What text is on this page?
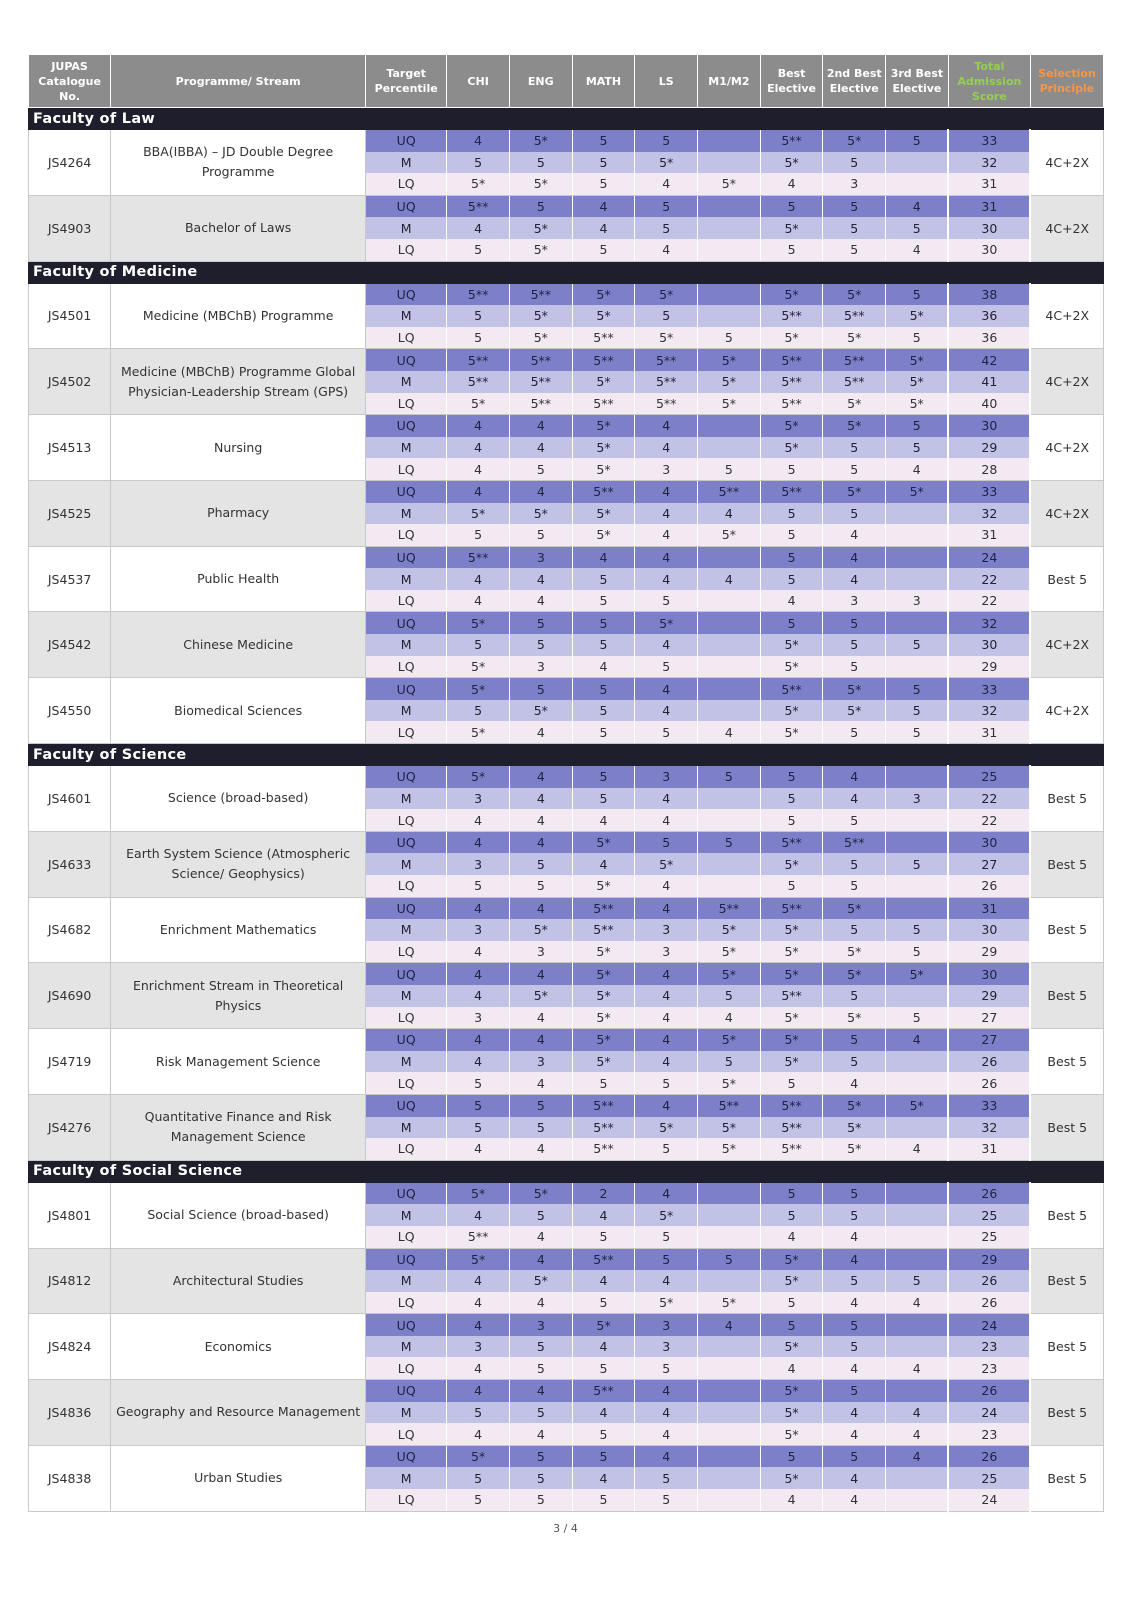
JUPAS Catalogue No.	Programme/ Stream	Target Percentile	CHI	ENG	MATH	LS	M1/M2	Best Elective	2nd Best Elective	3rd Best Elective	Total Admission Score	Selection Principle
Faculty of Law												
JS4264	BBA(IBBA) – JD Double Degree Programme	UQ	4	5*	5	5		5**	5*	5	33	4C+2X
		M	5	5	5	5*		5*	5		32	
		LQ	5*	5*	5	4	5*	4	3		31	
JS4903	Bachelor of Laws	UQ	5**	5	4	5		5	5	4	31	4C+2X
		M	4	5*	4	5		5*	5	5	30	
		LQ	5	5*	5	4		5	5	4	30	
Faculty of Medicine												
JS4501	Medicine (MBChB) Programme	UQ	5**	5**	5*	5*		5*	5*	5	38	4C+2X
		M	5	5*	5*	5		5**	5**	5*	36	
		LQ	5	5*	5**	5*	5	5*	5*	5	36	
JS4502	Medicine (MBChB) Programme Global Physician-Leadership Stream (GPS)	UQ	5**	5**	5**	5**	5*	5**	5**	5*	42	4C+2X
		M	5**	5**	5*	5**	5*	5**	5**	5*	41	
		LQ	5*	5**	5**	5**	5*	5**	5*	5*	40	
JS4513	Nursing	UQ	4	4	5*	4		5*	5*	5	30	4C+2X
		M	4	4	5*	4		5*	5	5	29	
		LQ	4	5	5*	3	5	5	5	4	28	
JS4525	Pharmacy	UQ	4	4	5**	4	5**	5**	5*	5*	33	4C+2X
		M	5*	5*	5*	4	4	5	5		32	
		LQ	5	5	5*	4	5*	5	4		31	
JS4537	Public Health	UQ	5**	3	4	4		5	4		24	Best 5
		M	4	4	5	4	4	5	4		22	
		LQ	4	4	5	5		4	3	3	22	
JS4542	Chinese Medicine	UQ	5*	5	5	5*		5	5		32	4C+2X
		M	5	5	5	4		5*	5	5	30	
		LQ	5*	3	4	5		5*	5		29	
JS4550	Biomedical Sciences	UQ	5*	5	5	4		5**	5*	5	33	4C+2X
		M	5	5*	5	4		5*	5*	5	32	
		LQ	5*	4	5	5	4	5*	5	5	31	
Faculty of Science												
JS4601	Science (broad-based)	UQ	5*	4	5	3	5	5	4		25	Best 5
		M	3	4	5	4		5	4	3	22	
		LQ	4	4	4	4		5	5		22	
JS4633	Earth System Science (Atmospheric Science/ Geophysics)	UQ	4	4	5*	5	5	5**	5**		30	Best 5
		M	3	5	4	5*		5*	5	5	27	
		LQ	5	5	5*	4		5	5		26	
JS4682	Enrichment Mathematics	UQ	4	4	5**	4	5**	5**	5*		31	Best 5
		M	3	5*	5**	3	5*	5*	5	5	30	
		LQ	4	3	5*	3	5*	5*	5*	5	29	
JS4690	Enrichment Stream in Theoretical Physics	UQ	4	4	5*	4	5*	5*	5*	5*	30	Best 5
		M	4	5*	5*	4	5	5**	5		29	
		LQ	3	4	5*	4	4	5*	5*	5	27	
JS4719	Risk Management Science	UQ	4	4	5*	4	5*	5*	5	4	27	Best 5
		M	4	3	5*	4	5	5*	5		26	
		LQ	5	4	5	5	5*	5	4		26	
JS4276	Quantitative Finance and Risk Management Science	UQ	5	5	5**	4	5**	5**	5*	5*	33	Best 5
		M	5	5	5**	5*	5*	5**	5*		32	
		LQ	4	4	5**	5	5*	5**	5*	4	31	
Faculty of Social Science												
JS4801	Social Science (broad-based)	UQ	5*	5*	2	4		5	5		26	Best 5
		M	4	5	4	5*		5	5		25	
		LQ	5**	4	5	5		4	4		25	
JS4812	Architectural Studies	UQ	5*	4	5**	5	5	5*	4		29	Best 5
		M	4	5*	4	4		5*	5	5	26	
		LQ	4	4	5	5*	5*	5	4	4	26	
JS4824	Economics	UQ	4	3	5*	3	4	5	5		24	Best 5
		M	3	5	4	3		5*	5		23	
		LQ	4	5	5	5		4	4	4	23	
JS4836	Geography and Resource Management	UQ	4	4	5**	4		5*	5		26	Best 5
		M	5	5	4	4		5*	4	4	24	
		LQ	4	4	5	4		5*	4	4	23	
JS4838	Urban Studies	UQ	5*	5	5	4		5	5	4	26	Best 5
		M	5	5	4	5		5*	4		25	
		LQ	5	5	5	5		4	4		24	
3 / 4
